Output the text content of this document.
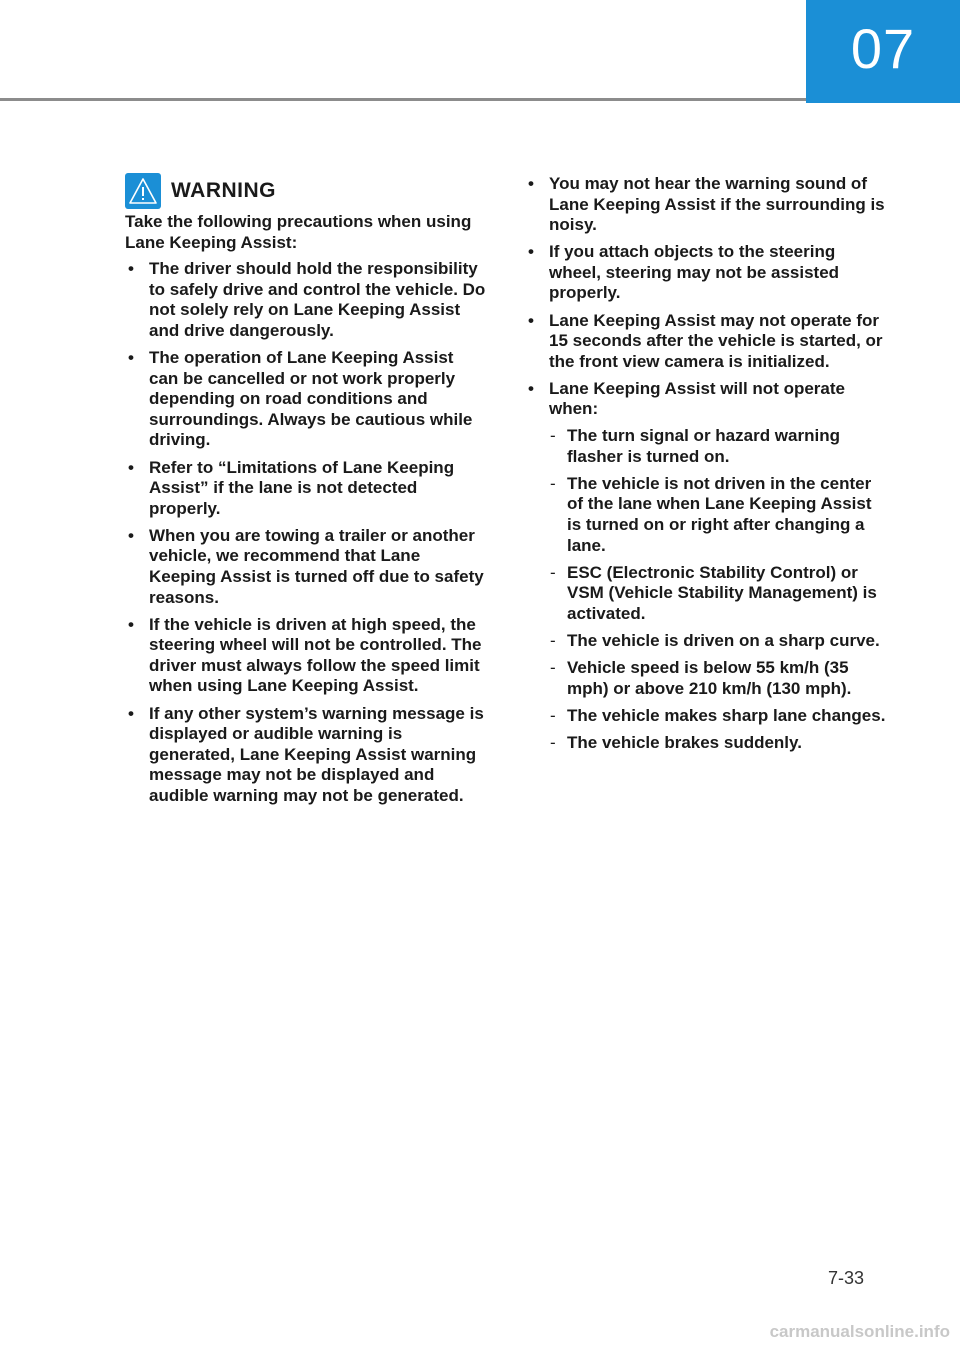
07
WARNING

Take the following precautions when using Lane Keeping Assist:

• The driver should hold the responsibility to safely drive and control the vehicle. Do not solely rely on Lane Keeping Assist and drive dangerously.
• The operation of Lane Keeping Assist can be cancelled or not work properly depending on road conditions and surroundings. Always be cautious while driving.
• Refer to “Limitations of Lane Keeping Assist” if the lane is not detected properly.
• When you are towing a trailer or another vehicle, we recommend that Lane Keeping Assist is turned off due to safety reasons.
• If the vehicle is driven at high speed, the steering wheel will not be controlled. The driver must always follow the speed limit when using Lane Keeping Assist.
• If any other system’s warning message is displayed or audible warning is generated, Lane Keeping Assist warning message may not be displayed and audible warning may not be generated.
• You may not hear the warning sound of Lane Keeping Assist if the surrounding is noisy.
• If you attach objects to the steering wheel, steering may not be assisted properly.
• Lane Keeping Assist may not operate for 15 seconds after the vehicle is started, or the front view camera is initialized.
• Lane Keeping Assist will not operate when:
- The turn signal or hazard warning flasher is turned on.
- The vehicle is not driven in the center of the lane when Lane Keeping Assist is turned on or right after changing a lane.
- ESC (Electronic Stability Control) or VSM (Vehicle Stability Management) is activated.
- The vehicle is driven on a sharp curve.
- Vehicle speed is below 55 km/h (35 mph) or above 210 km/h (130 mph).
- The vehicle makes sharp lane changes.
- The vehicle brakes suddenly.
7-33
carmanualsonline.info
